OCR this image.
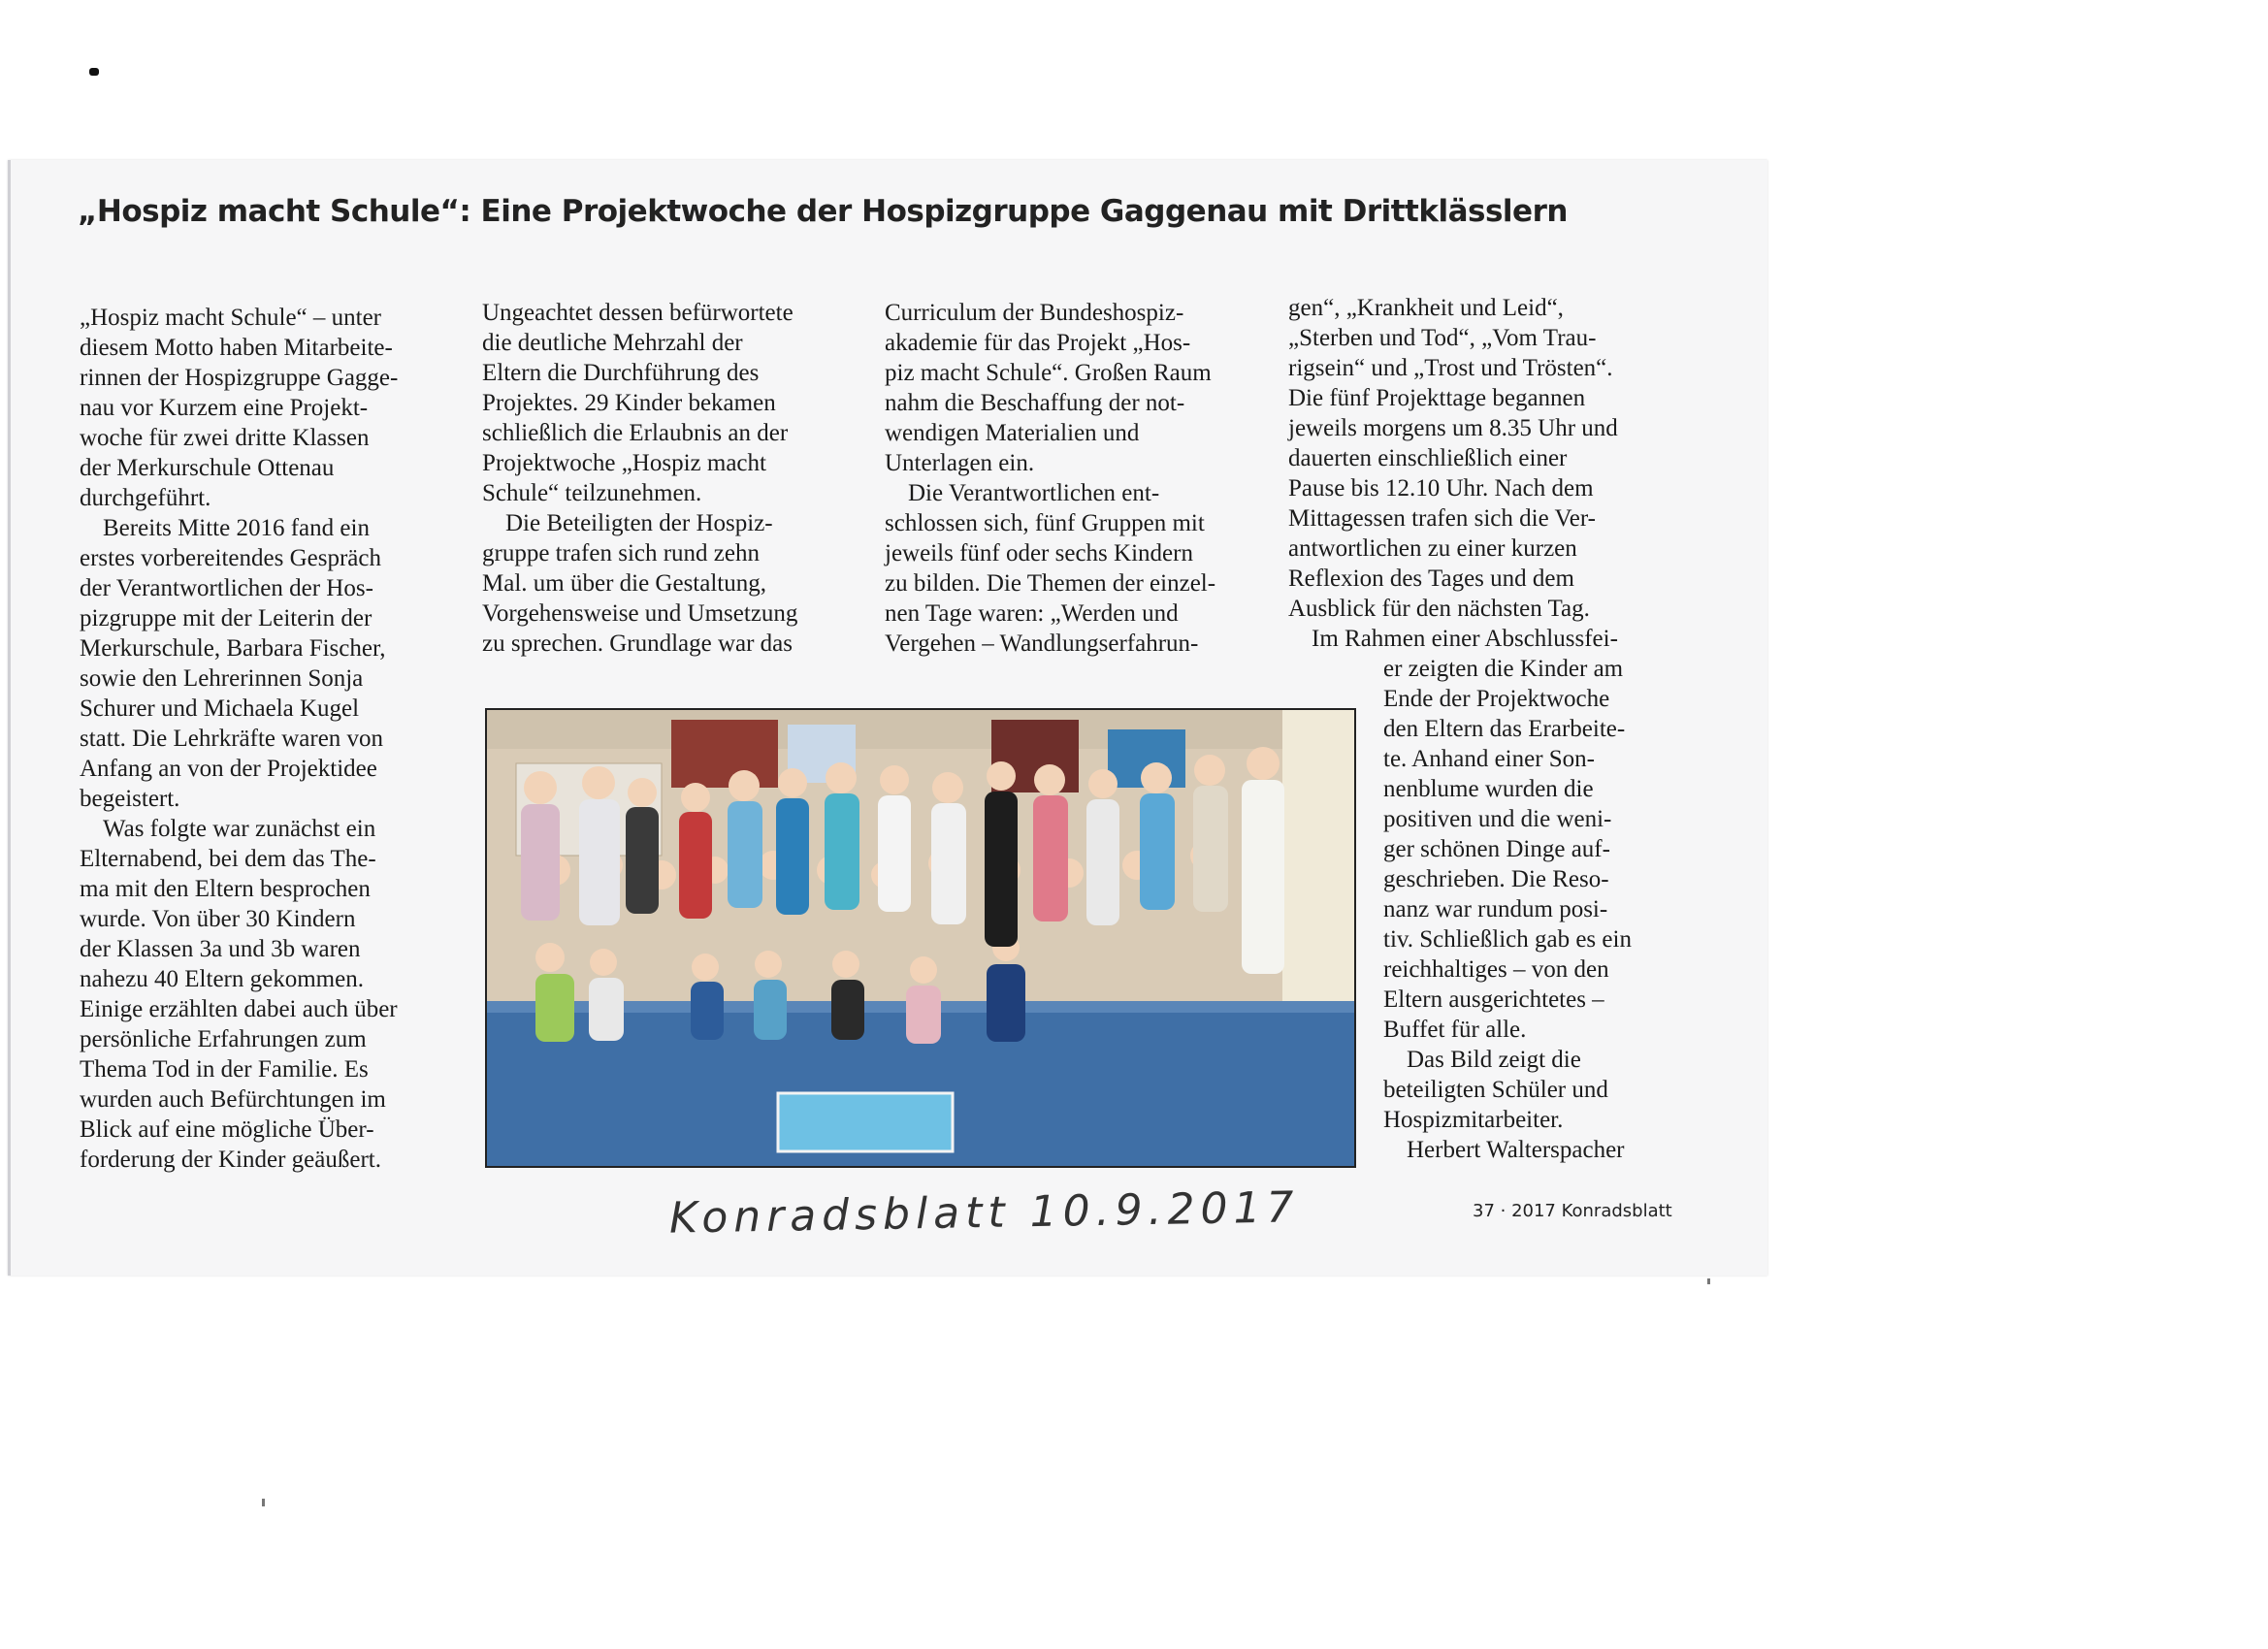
„Hospiz macht Schule“: Eine Projektwoche der Hospizgruppe Gaggenau mit Drittklässlern
„Hospiz macht Schule“ – unter
diesem Motto haben Mitarbeite-
rinnen der Hospizgruppe Gagge-
nau vor Kurzem eine Projekt-
woche für zwei dritte Klassen
der Merkurschule Ottenau
durchgeführt.
Bereits Mitte 2016 fand ein
erstes vorbereitendes Gespräch
der Verantwortlichen der Hos-
pizgruppe mit der Leiterin der
Merkurschule, Barbara Fischer,
sowie den Lehrerinnen Sonja
Schurer und Michaela Kugel
statt. Die Lehrkräfte waren von
Anfang an von der Projektidee
begeistert.
Was folgte war zunächst ein
Elternabend, bei dem das The-
ma mit den Eltern besprochen
wurde. Von über 30 Kindern
der Klassen 3a und 3b waren
nahezu 40 Eltern gekommen.
Einige erzählten dabei auch über
persönliche Erfahrungen zum
Thema Tod in der Familie. Es
wurden auch Befürchtungen im
Blick auf eine mögliche Über-
forderung der Kinder geäußert.
Ungeachtet dessen befürwortete
die deutliche Mehrzahl der
Eltern die Durchführung des
Projektes. 29 Kinder bekamen
schließlich die Erlaubnis an der
Projektwoche „Hospiz macht
Schule“ teilzunehmen.
Die Beteiligten der Hospiz-
gruppe trafen sich rund zehn
Mal. um über die Gestaltung,
Vorgehensweise und Umsetzung
zu sprechen. Grundlage war das
Curriculum der Bundeshospiz-
akademie für das Projekt „Hos-
piz macht Schule“. Großen Raum
nahm die Beschaffung der not-
wendigen Materialien und
Unterlagen ein.
Die Verantwortlichen ent-
schlossen sich, fünf Gruppen mit
jeweils fünf oder sechs Kindern
zu bilden. Die Themen der einzel-
nen Tage waren: „Werden und
Vergehen – Wandlungserfahrun-
gen“, „Krankheit und Leid“,
„Sterben und Tod“, „Vom Trau-
rigsein“ und „Trost und Trösten“.
Die fünf Projekttage begannen
jeweils morgens um 8.35 Uhr und
dauerten einschließlich einer
Pause bis 12.10 Uhr. Nach dem
Mittagessen trafen sich die Ver-
antwortlichen zu einer kurzen
Reflexion des Tages und dem
Ausblick für den nächsten Tag.
Im Rahmen einer Abschlussfei-
er zeigten die Kinder am
Ende der Projektwoche
den Eltern das Erarbeite-
te. Anhand einer Son-
nenblume wurden die
positiven und die weni-
ger schönen Dinge auf-
geschrieben. Die Reso-
nanz war rundum posi-
tiv. Schließlich gab es ein
reichhaltiges – von den
Eltern ausgerichtetes –
Buffet für alle.
Das Bild zeigt die
beteiligten Schüler und
Hospizmitarbeiter.
Herbert Walterspacher
Konradsblatt 10.9.2017	37 · 2017 Konradsblatt
